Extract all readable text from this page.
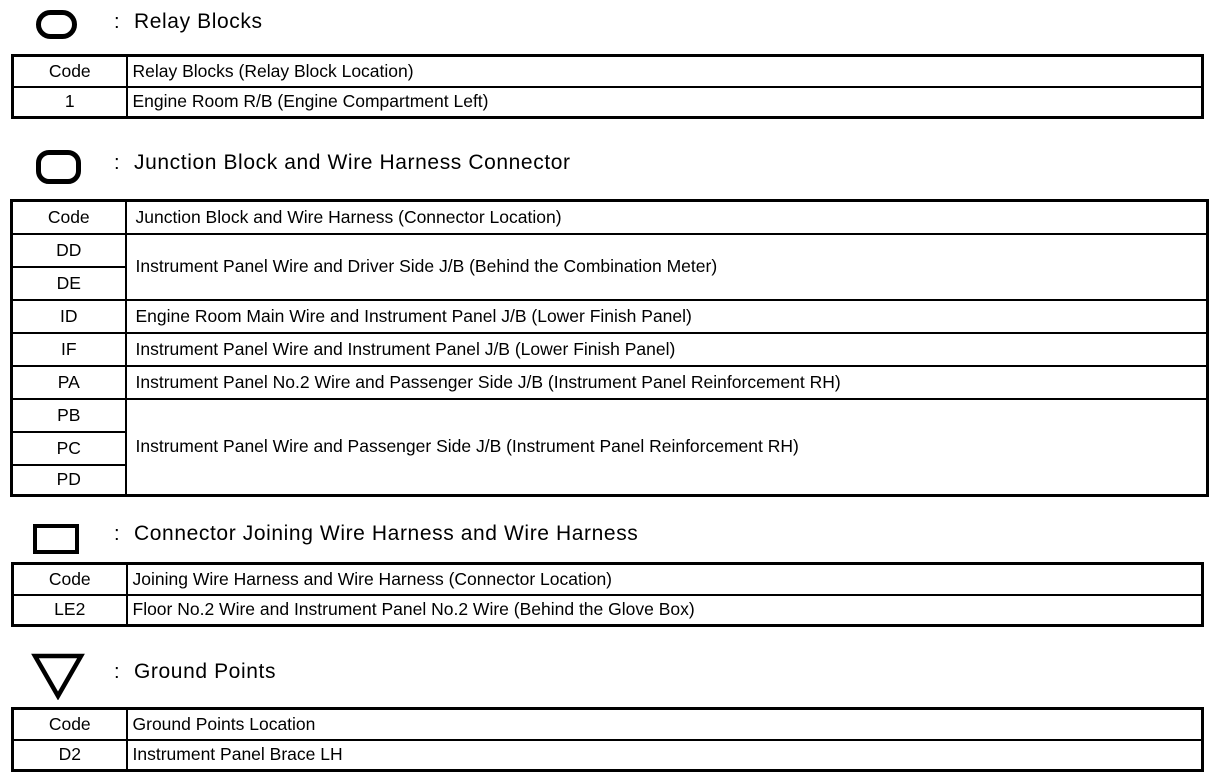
: Relay Blocks
Code	Relay Blocks (Relay Block Location)
1	Engine Room R/B (Engine Compartment Left)
: Junction Block and Wire Harness Connector
Code	Junction Block and Wire Harness (Connector Location)
DD	Instrument Panel Wire and Driver Side J/B (Behind the Combination Meter)
DE	
ID	Engine Room Main Wire and Instrument Panel J/B (Lower Finish Panel)
IF	Instrument Panel Wire and Instrument Panel J/B (Lower Finish Panel)
PA	Instrument Panel No.2 Wire and Passenger Side J/B (Instrument Panel Reinforcement RH)
PB	Instrument Panel Wire and Passenger Side J/B (Instrument Panel Reinforcement RH)
PC	
PD	
: Connector Joining Wire Harness and Wire Harness
Code	Joining Wire Harness and Wire Harness (Connector Location)
LE2	Floor No.2 Wire and Instrument Panel No.2 Wire (Behind the Glove Box)
: Ground Points
Code	Ground Points Location
D2	Instrument Panel Brace LH
